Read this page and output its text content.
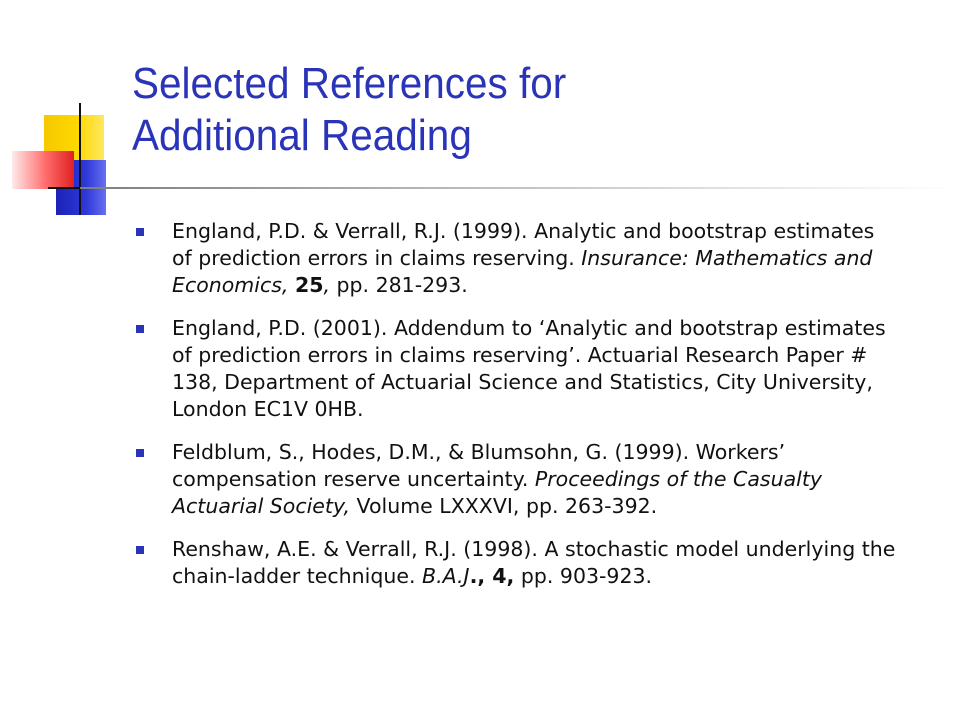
Selected References for
Additional Reading
England, P.D. & Verrall, R.J. (1999). Analytic and bootstrap estimates of prediction errors in claims reserving. Insurance: Mathematics and Economics, 25, pp. 281-293.
England, P.D. (2001). Addendum to ‘Analytic and bootstrap estimates of prediction errors in claims reserving’. Actuarial Research Paper # 138, Department of Actuarial Science and Statistics, City University, London EC1V 0HB.
Feldblum, S., Hodes, D.M., & Blumsohn, G. (1999). Workers’ compensation reserve uncertainty. Proceedings of the Casualty Actuarial Society, Volume LXXXVI, pp. 263-392.
Renshaw, A.E. & Verrall, R.J. (1998). A stochastic model underlying the chain-ladder technique. B.A.J., 4, pp. 903-923.
